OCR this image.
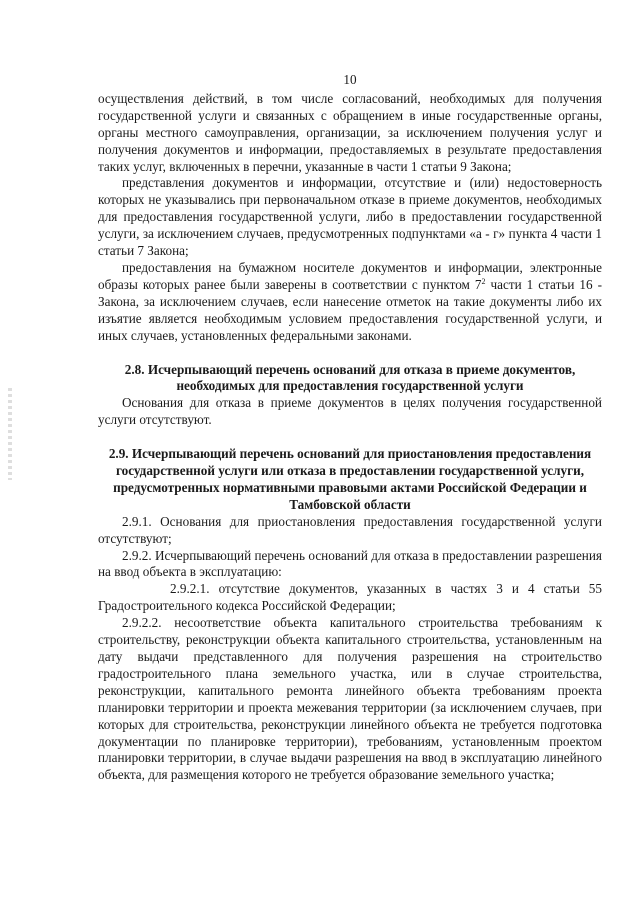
10

осуществления действий, в том числе согласований, необходимых для получения государственной услуги и связанных с обращением в иные государственные органы, органы местного самоуправления, организации, за исключением получения услуг и получения документов и информации, предоставляемых в результате предоставления таких услуг, включенных в перечни, указанные в части 1 статьи 9 Закона;

представления документов и информации, отсутствие и (или) недостоверность которых не указывались при первоначальном отказе в приеме документов, необходимых для предоставления государственной услуги, либо в предоставлении государственной услуги, за исключением случаев, предусмотренных подпунктами «а - г» пункта 4 части 1 статьи 7 Закона;

предоставления на бумажном носителе документов и информации, электронные образы которых ранее были заверены в соответствии с пунктом $7^2$ части 1 статьи 16 - Закона, за исключением случаев, если нанесение отметок на такие документы либо их изъятие является необходимым условием предоставления государственной услуги, и иных случаев, установленных федеральными законами.

2.8. Исчерпывающий перечень оснований для отказа в приеме документов, необходимых для предоставления государственной услуги

Основания для отказа в приеме документов в целях получения государственной услуги отсутствуют.

2.9. Исчерпывающий перечень оснований для приостановления предоставления государственной услуги или отказа в предоставлении государственной услуги, предусмотренных нормативными правовыми актами Российской Федерации и Тамбовской области

2.9.1. Основания для приостановления предоставления государственной услуги отсутствуют;

2.9.2. Исчерпывающий перечень оснований для отказа в предоставлении разрешения на ввод объекта в эксплуатацию:

2.9.2.1. отсутствие документов, указанных в частях 3 и 4 статьи 55 Градостроительного кодекса Российской Федерации;

2.9.2.2. несоответствие объекта капитального строительства требованиям к строительству, реконструкции объекта капитального строительства, установленным на дату выдачи представленного для получения разрешения на строительство градостроительного плана земельного участка, или в случае строительства, реконструкции, капитального ремонта линейного объекта требованиям проекта планировки территории и проекта межевания территории (за исключением случаев, при которых для строительства, реконструкции линейного объекта не требуется подготовка документации по планировке территории), требованиям, установленным проектом планировки территории, в случае выдачи разрешения на ввод в эксплуатацию линейного объекта, для размещения которого не требуется образование земельного участка;
